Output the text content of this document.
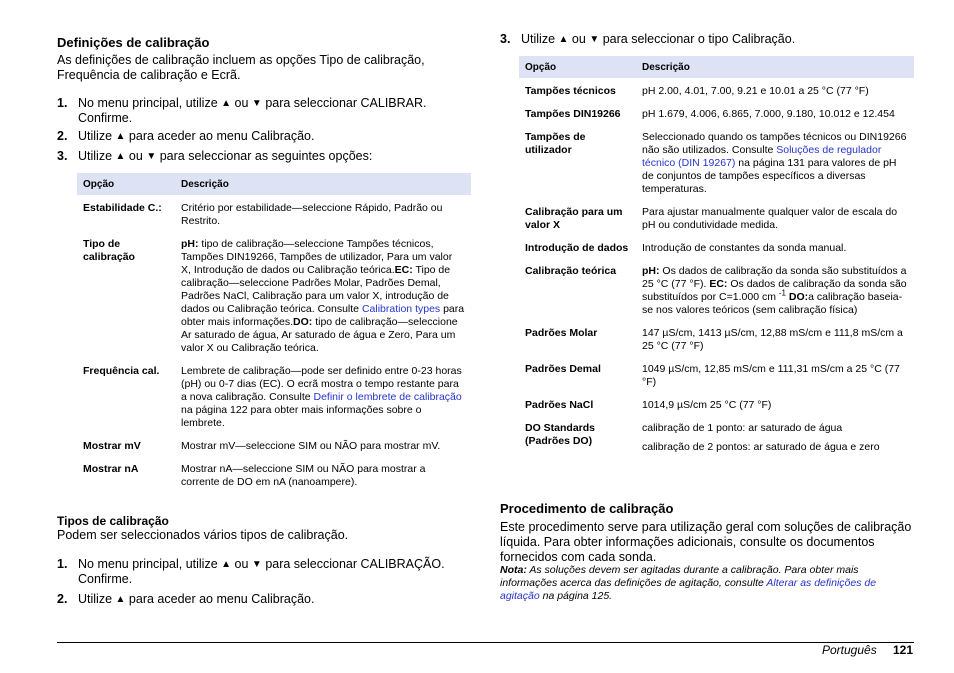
Definições de calibração
As definições de calibração incluem as opções Tipo de calibração, Frequência de calibração e Ecrã.
1. No menu principal, utilize ▲ ou ▼ para seleccionar CALIBRAR. Confirme.
2. Utilize ▲ para aceder ao menu Calibração.
3. Utilize ▲ ou ▼ para seleccionar as seguintes opções:
Opção	Descrição
Estabilidade C.:	Critério por estabilidade—seleccione Rápido, Padrão ou Restrito.
Tipo de calibração	pH: tipo de calibração—seleccione Tampões técnicos, Tampões DIN19266, Tampões de utilizador, Para um valor X, Introdução de dados ou Calibração teórica.EC: Tipo de calibração—seleccione Padrões Molar, Padrões Demal, Padrões NaCl, Calibração para um valor X, introdução de dados ou Calibração teórica. Consulte Calibration types para obter mais informações.DO: tipo de calibração—seleccione Ar saturado de água, Ar saturado de água e Zero, Para um valor X ou Calibração teórica.
Frequência cal.	Lembrete de calibração—pode ser definido entre 0-23 horas (pH) ou 0-7 dias (EC). O ecrã mostra o tempo restante para a nova calibração. Consulte Definir o lembrete de calibração na página 122 para obter mais informações sobre o lembrete.
Mostrar mV	Mostrar mV—seleccione SIM ou NÃO para mostrar mV.
Mostrar nA	Mostrar nA—seleccione SIM ou NÃO para mostrar a corrente de DO em nA (nanoampere).
Tipos de calibração
Podem ser seleccionados vários tipos de calibração.
1. No menu principal, utilize ▲ ou ▼ para seleccionar CALIBRAÇÃO. Confirme.
2. Utilize ▲ para aceder ao menu Calibração.
3. Utilize ▲ ou ▼ para seleccionar o tipo Calibração.
Opção	Descrição
Tampões técnicos	pH 2.00, 4.01, 7.00, 9.21 e 10.01 a 25 °C (77 °F)
Tampões DIN19266	pH 1.679, 4.006, 6.865, 7.000, 9.180, 10.012 e 12.454
Tampões de utilizador	Seleccionado quando os tampões técnicos ou DIN19266 não são utilizados. Consulte Soluções de regulador técnico (DIN 19267) na página 131 para valores de pH de conjuntos de tampões específicos a diversas temperaturas.
Calibração para um valor X	Para ajustar manualmente qualquer valor de escala do pH ou condutividade medida.
Introdução de dados	Introdução de constantes da sonda manual.
Calibração teórica	pH: Os dados de calibração da sonda são substituídos a 25 °C (77 °F). EC: Os dados de calibração da sonda são substituídos por C=1.000 cm $^{-1}$ DO:a calibração baseia-se nos valores teóricos (sem calibração física)
Padrões Molar	147 µS/cm, 1413 µS/cm, 12,88 mS/cm e 111,8 mS/cm a 25 °C (77 °F)
Padrões Demal	1049 µS/cm, 12,85 mS/cm e 111,31 mS/cm a 25 °C (77 °F)
Padrões NaCl	1014,9 µS/cm 25 °C (77 °F)
DO Standards (Padrões DO)	calibração de 1 ponto: ar saturado de água
calibração de 2 pontos: ar saturado de água e zero
Procedimento de calibração
Este procedimento serve para utilização geral com soluções de calibração líquida. Para obter informações adicionais, consulte os documentos fornecidos com cada sonda.
Nota: As soluções devem ser agitadas durante a calibração. Para obter mais informações acerca das definições de agitação, consulte Alterar as definições de agitação na página 125.
Português 121
